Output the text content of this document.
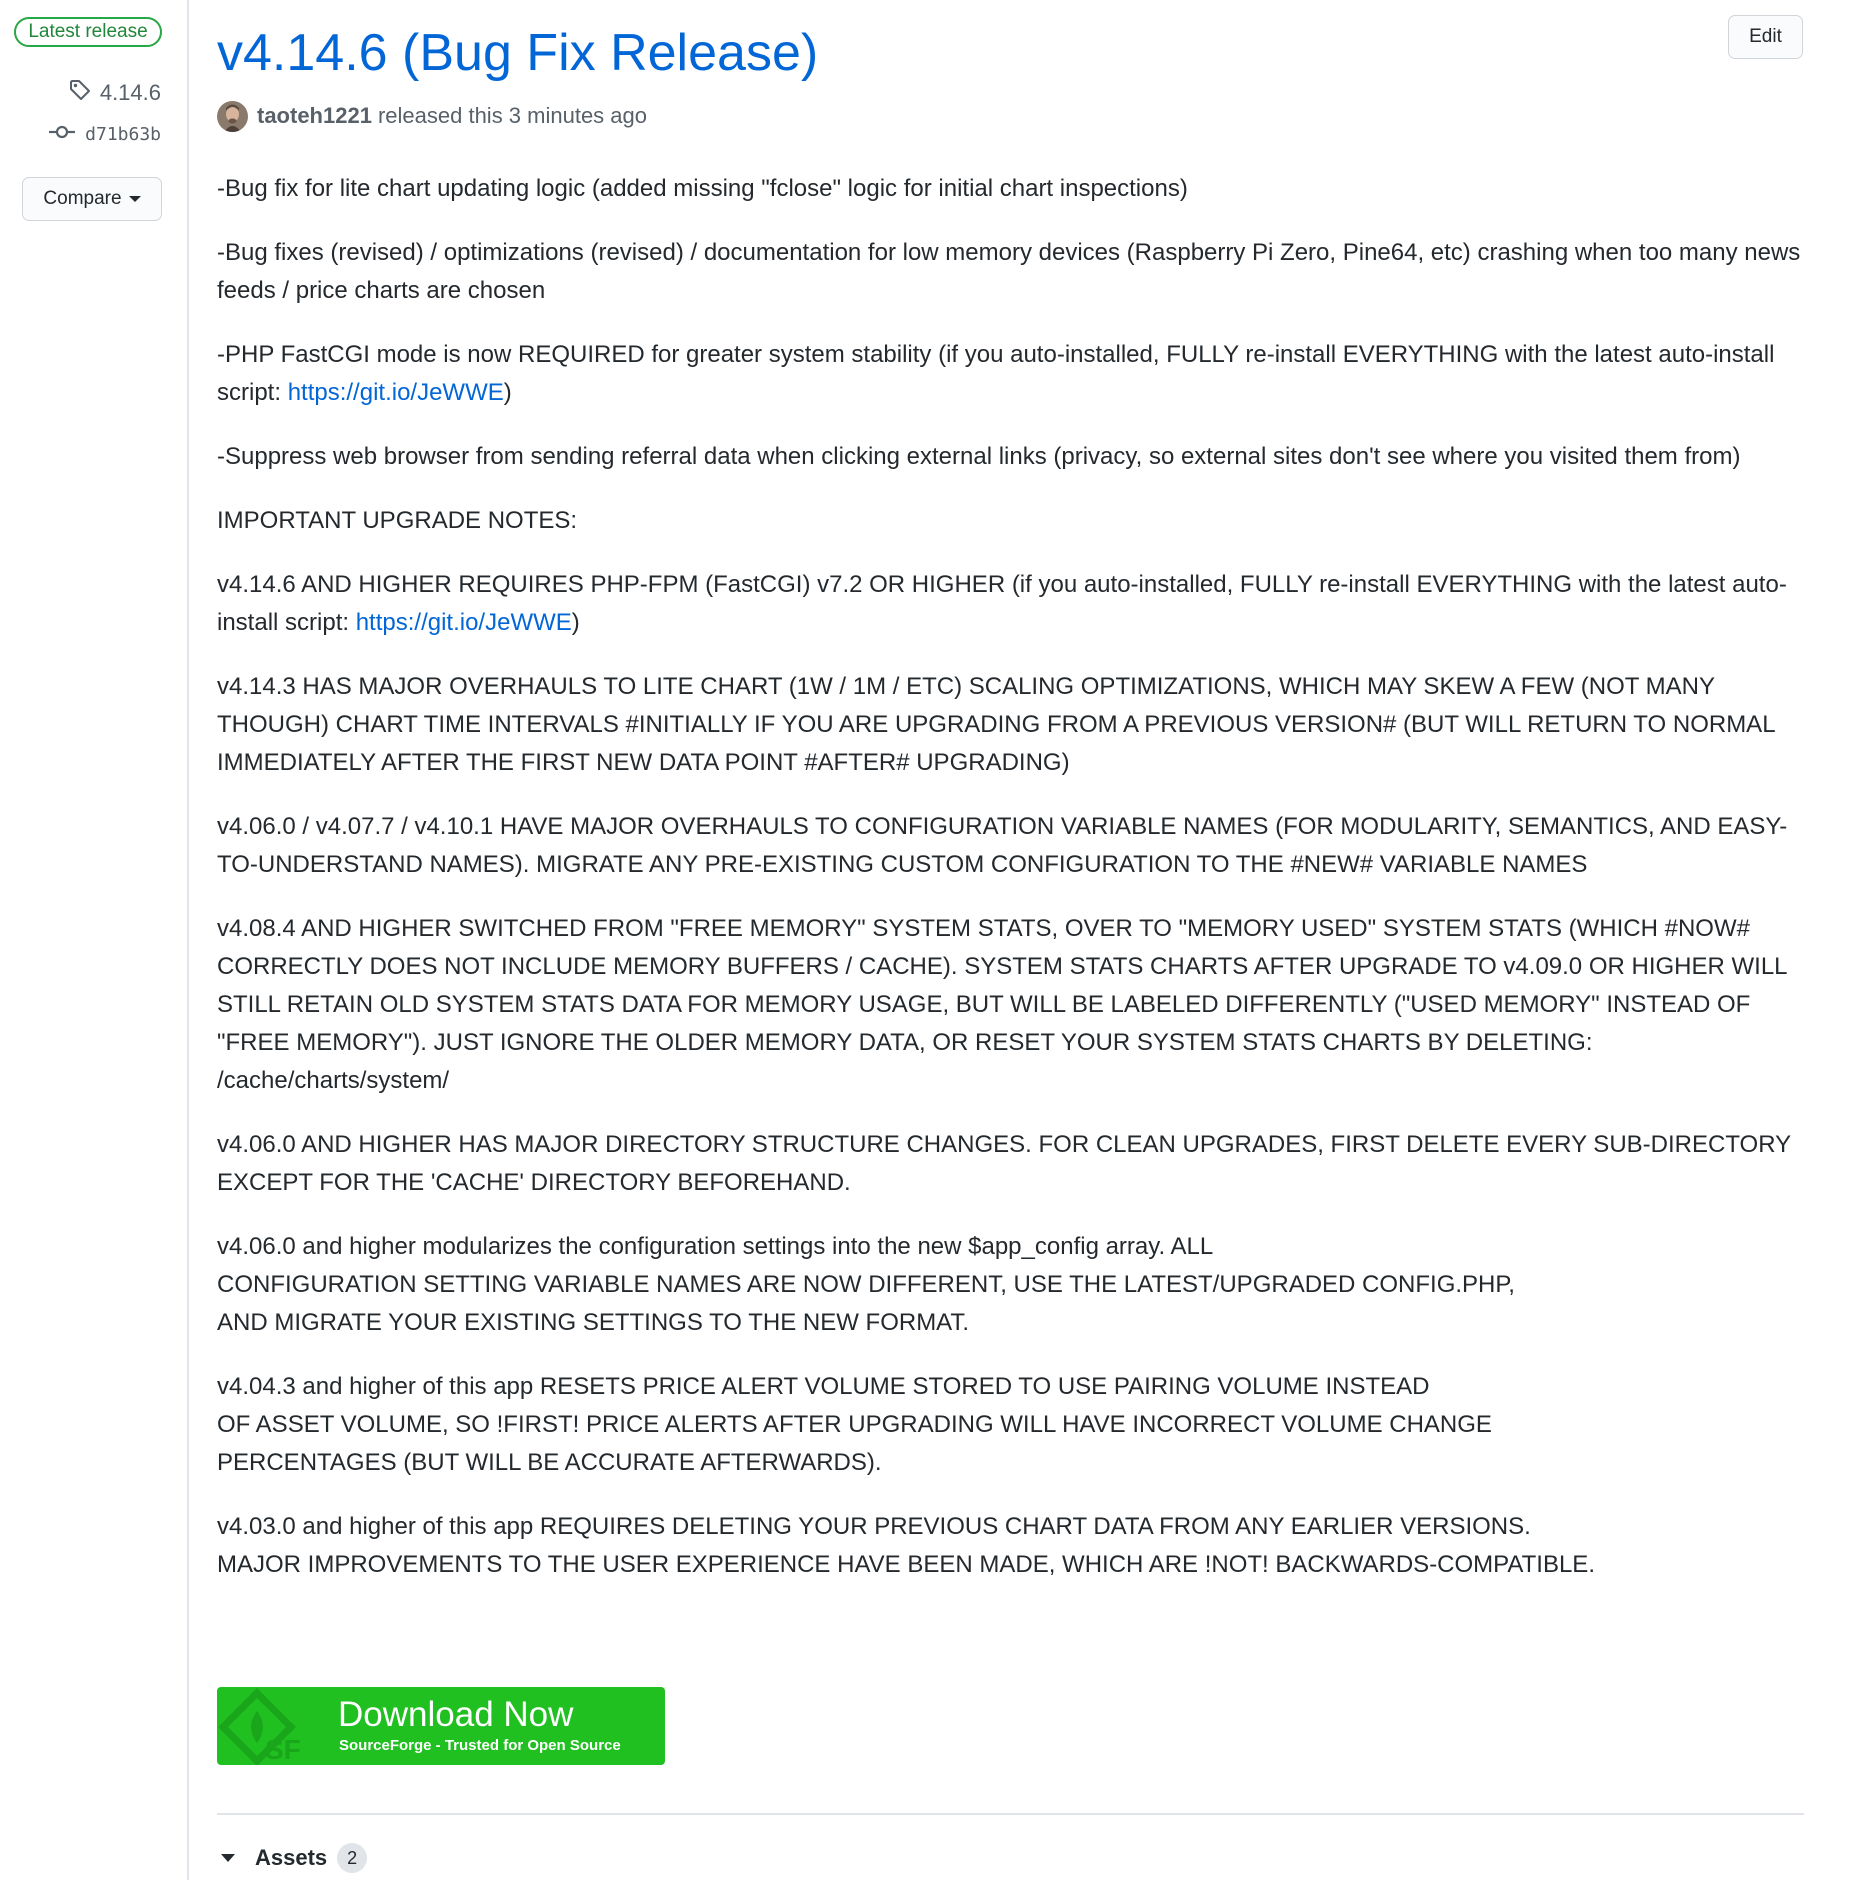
Latest release
4.14.6
d71b63b
Compare
v4.14.6 (Bug Fix Release)	Edit
taoteh1221 released this 3 minutes ago

-Bug fix for lite chart updating logic (added missing "fclose" logic for initial chart inspections)

-Bug fixes (revised) / optimizations (revised) / documentation for low memory devices (Raspberry Pi Zero, Pine64, etc) crashing when too many news feeds / price charts are chosen

-PHP FastCGI mode is now REQUIRED for greater system stability (if you auto-installed, FULLY re-install EVERYTHING with the latest auto-install script: https://git.io/JeWWE)

-Suppress web browser from sending referral data when clicking external links (privacy, so external sites don't see where you visited them from)

IMPORTANT UPGRADE NOTES:

v4.14.6 AND HIGHER REQUIRES PHP-FPM (FastCGI) v7.2 OR HIGHER (if you auto-installed, FULLY re-install EVERYTHING with the latest auto-install script: https://git.io/JeWWE)

v4.14.3 HAS MAJOR OVERHAULS TO LITE CHART (1W / 1M / ETC) SCALING OPTIMIZATIONS, WHICH MAY SKEW A FEW (NOT MANY THOUGH) CHART TIME INTERVALS #INITIALLY IF YOU ARE UPGRADING FROM A PREVIOUS VERSION# (BUT WILL RETURN TO NORMAL IMMEDIATELY AFTER THE FIRST NEW DATA POINT #AFTER# UPGRADING)

v4.06.0 / v4.07.7 / v4.10.1 HAVE MAJOR OVERHAULS TO CONFIGURATION VARIABLE NAMES (FOR MODULARITY, SEMANTICS, AND EASY-TO-UNDERSTAND NAMES). MIGRATE ANY PRE-EXISTING CUSTOM CONFIGURATION TO THE #NEW# VARIABLE NAMES

v4.08.4 AND HIGHER SWITCHED FROM "FREE MEMORY" SYSTEM STATS, OVER TO "MEMORY USED" SYSTEM STATS (WHICH #NOW# CORRECTLY DOES NOT INCLUDE MEMORY BUFFERS / CACHE). SYSTEM STATS CHARTS AFTER UPGRADE TO v4.09.0 OR HIGHER WILL STILL RETAIN OLD SYSTEM STATS DATA FOR MEMORY USAGE, BUT WILL BE LABELED DIFFERENTLY ("USED MEMORY" INSTEAD OF "FREE MEMORY"). JUST IGNORE THE OLDER MEMORY DATA, OR RESET YOUR SYSTEM STATS CHARTS BY DELETING: /cache/charts/system/

v4.06.0 AND HIGHER HAS MAJOR DIRECTORY STRUCTURE CHANGES. FOR CLEAN UPGRADES, FIRST DELETE EVERY SUB-DIRECTORY EXCEPT FOR THE 'CACHE' DIRECTORY BEFOREHAND.

v4.06.0 and higher modularizes the configuration settings into the new $app_config array. ALL
CONFIGURATION SETTING VARIABLE NAMES ARE NOW DIFFERENT, USE THE LATEST/UPGRADED CONFIG.PHP,
AND MIGRATE YOUR EXISTING SETTINGS TO THE NEW FORMAT.

v4.04.3 and higher of this app RESETS PRICE ALERT VOLUME STORED TO USE PAIRING VOLUME INSTEAD
OF ASSET VOLUME, SO !FIRST! PRICE ALERTS AFTER UPGRADING WILL HAVE INCORRECT VOLUME CHANGE
PERCENTAGES (BUT WILL BE ACCURATE AFTERWARDS).

v4.03.0 and higher of this app REQUIRES DELETING YOUR PREVIOUS CHART DATA FROM ANY EARLIER VERSIONS.
MAJOR IMPROVEMENTS TO THE USER EXPERIENCE HAVE BEEN MADE, WHICH ARE !NOT! BACKWARDS-COMPATIBLE.

SF
Download Now
SourceForge - Trusted for Open Source
Assets	2
